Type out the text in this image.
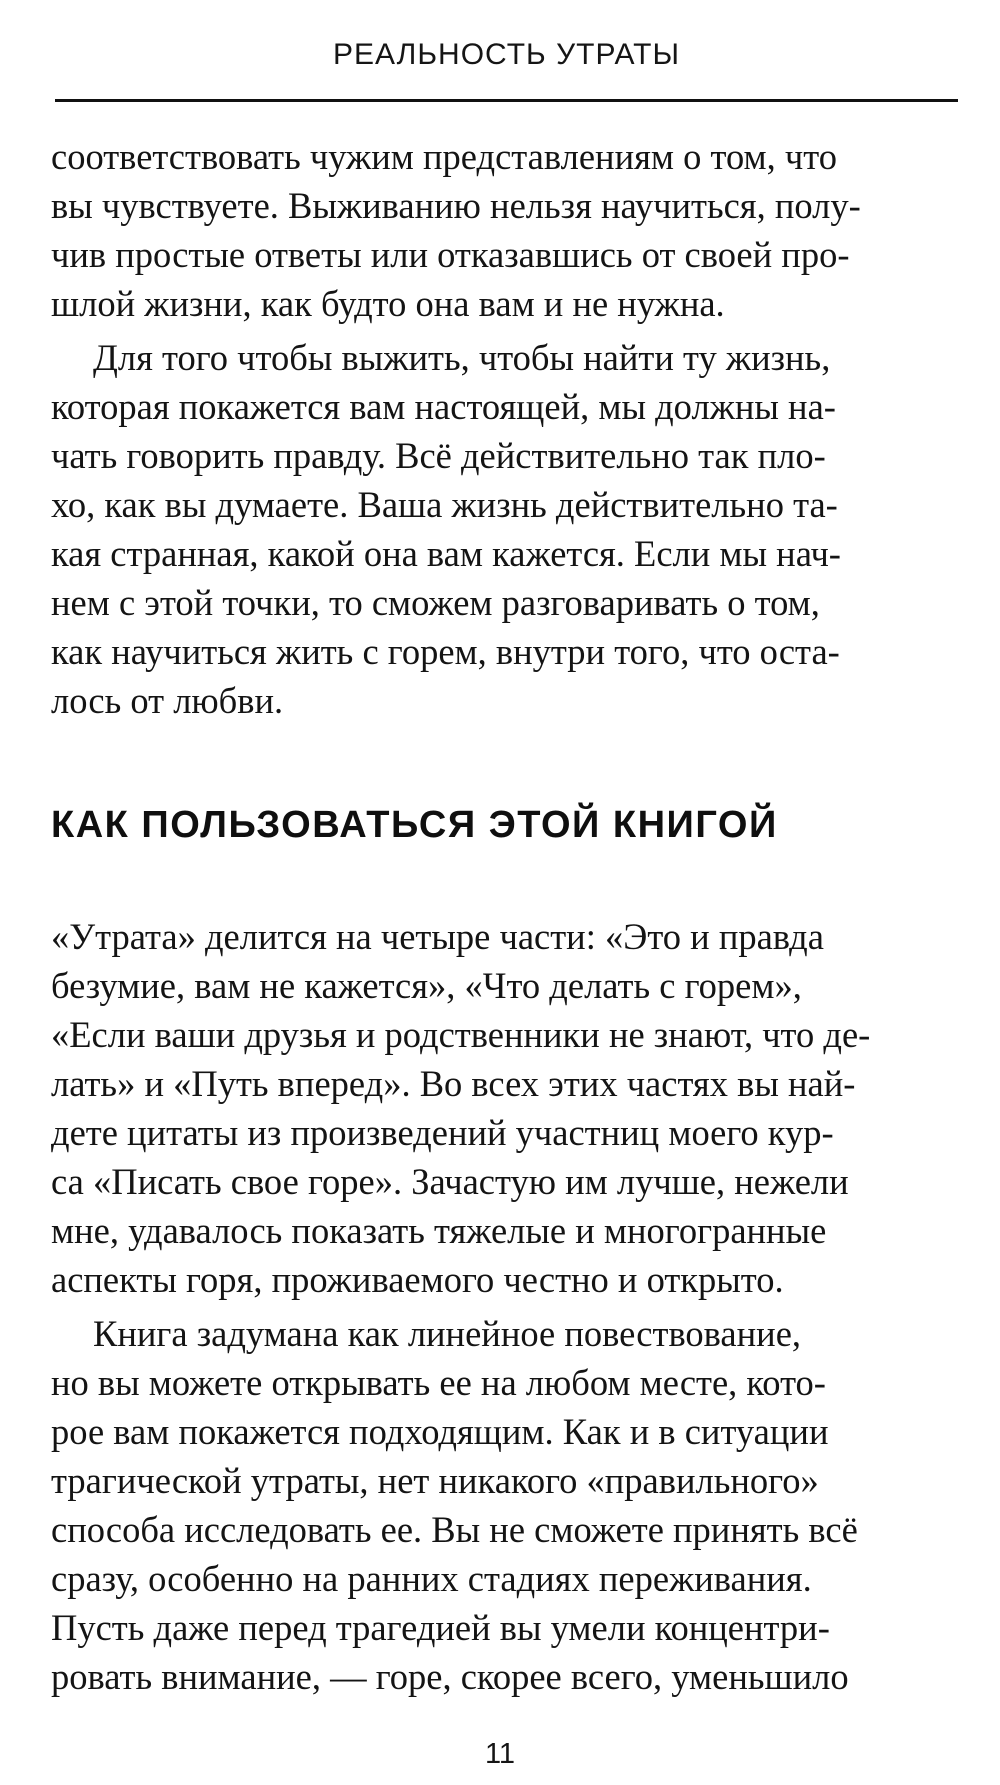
РЕАЛЬНОСТЬ УТРАТЫ

соответствовать чужим представлениям о том, что
вы чувствуете. Выживанию нельзя научиться, полу-
чив простые ответы или отказавшись от своей про-
шлой жизни, как будто она вам и не нужна.

Для того чтобы выжить, чтобы найти ту жизнь,
которая покажется вам настоящей, мы должны на-
чать говорить правду. Всё действительно так пло-
хо, как вы думаете. Ваша жизнь действительно та-
кая странная, какой она вам кажется. Если мы нач-
нем с этой точки, то сможем разговаривать о том,
как научиться жить с горем, внутри того, что оста-
лось от любви.

КАК ПОЛЬЗОВАТЬСЯ ЭТОЙ КНИГОЙ

«Утрата» делится на четыре части: «Это и правда
безумие, вам не кажется», «Что делать с горем»,
«Если ваши друзья и родственники не знают, что де-
лать» и «Путь вперед». Во всех этих частях вы най-
дете цитаты из произведений участниц моего кур-
са «Писать свое горе». Зачастую им лучше, нежели
мне, удавалось показать тяжелые и многогранные
аспекты горя, проживаемого честно и открыто.

Книга задумана как линейное повествование,
но вы можете открывать ее на любом месте, кото-
рое вам покажется подходящим. Как и в ситуации
трагической утраты, нет никакого «правильного»
способа исследовать ее. Вы не сможете принять всё
сразу, особенно на ранних стадиях переживания.
Пусть даже перед трагедией вы умели концентри-
ровать внимание, — горе, скорее всего, уменьшило

11
